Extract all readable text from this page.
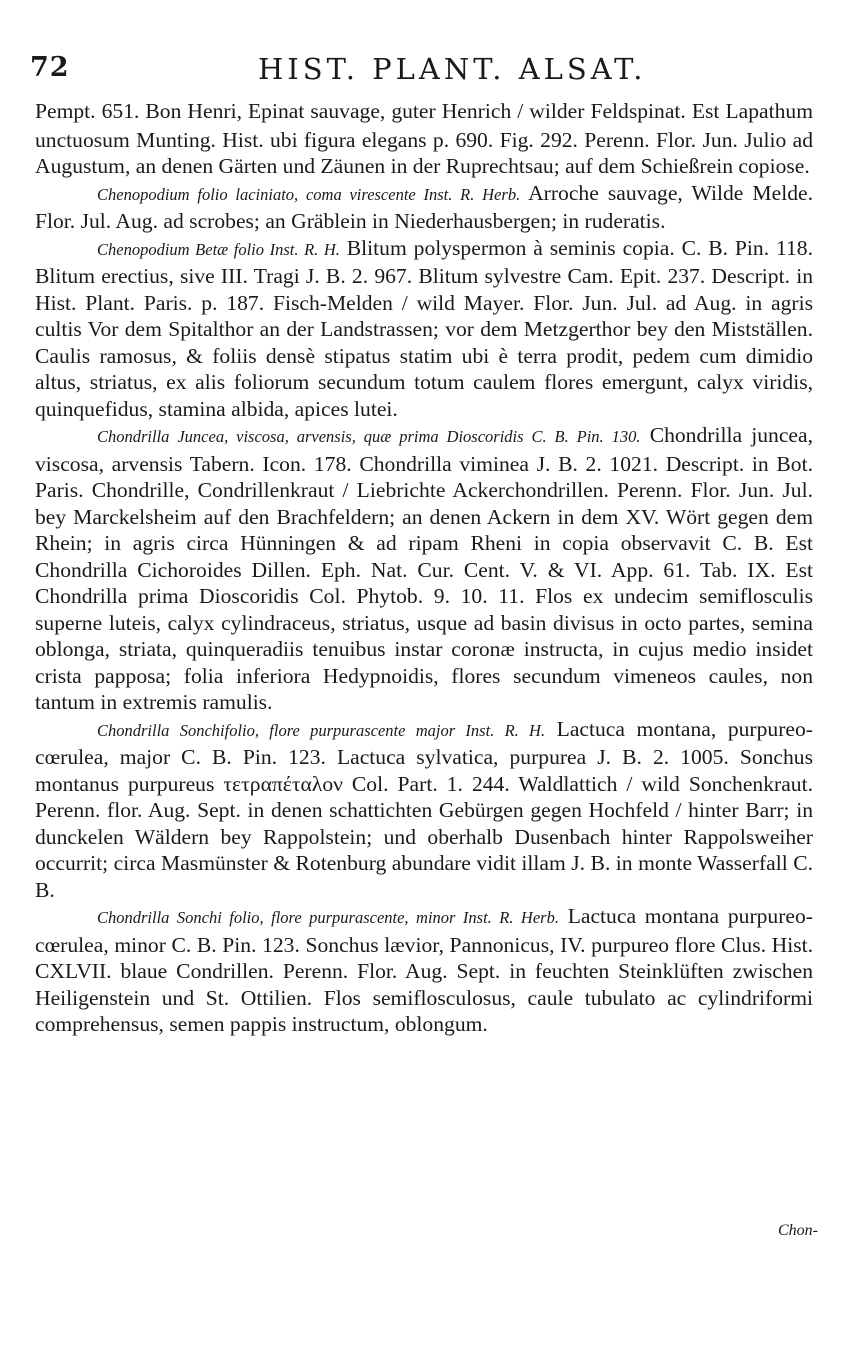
72	HIST. PLANT. ALSAT.

Pempt. 651. Bon Henri, Epinat sauvage, guter Henrich / wilder Feldspinat. Est Lapathum unctuosum Munting. Hist. ubi figura elegans p. 690. Fig. 292. Perenn. Flor. Jun. Julio ad Augustum, an denen Gärten und Zäunen in der Ruprechtsau; auf dem Schießrein copiose.

Chenopodium folio laciniato, coma virescente Inst. R. Herb. Arroche sauvage, Wilde Melde. Flor. Jul. Aug. ad scrobes; an Gräblein in Niederhausbergen; in ruderatis.

Chenopodium Betæ folio Inst. R. H. Blitum polyspermon à seminis copia. C. B. Pin. 118. Blitum erectius, sive III. Tragi J. B. 2. 967. Blitum sylvestre Cam. Epit. 237. Descript. in Hist. Plant. Paris. p. 187. Fisch-Melden / wild Mayer. Flor. Jun. Jul. ad Aug. in agris cultis Vor dem Spitalthor an der Landstrassen; vor dem Metzgerthor bey den Mistställen. Caulis ramosus, & foliis densè stipatus statim ubi è terra prodit, pedem cum dimidio altus, striatus, ex alis foliorum secundum totum caulem flores emergunt, calyx viridis, quinquefidus, stamina albida, apices lutei.

Chondrilla Juncea, viscosa, arvensis, quæ prima Dioscoridis C. B. Pin. 130. Chondrilla juncea, viscosa, arvensis Tabern. Icon. 178. Chondrilla viminea J. B. 2. 1021. Descript. in Bot. Paris. Chondrille, Condrillenkraut / Liebrichte Ackerchondrillen. Perenn. Flor. Jun. Jul. bey Marckelsheim auf den Brachfeldern; an denen Ackern in dem XV. Wört gegen dem Rhein; in agris circa Hünningen & ad ripam Rheni in copia observavit C. B. Est Chondrilla Cichoroides Dillen. Eph. Nat. Cur. Cent. V. & VI. App. 61. Tab. IX. Est Chondrilla prima Dioscoridis Col. Phytob. 9. 10. 11. Flos ex undecim semiflosculis superne luteis, calyx cylindraceus, striatus, usque ad basin divisus in octo partes, semina oblonga, striata, quinqueradiis tenuibus instar coronæ instructa, in cujus medio insidet crista papposa; folia inferiora Hedypnoidis, flores secundum vimeneos caules, non tantum in extremis ramulis.

Chondrilla Sonchifolio, flore purpurascente major Inst. R. H. Lactuca montana, purpureo-cœrulea, major C. B. Pin. 123. Lactuca sylvatica, purpurea J. B. 2. 1005. Sonchus montanus purpureus τετραπέταλον Col. Part. 1. 244. Waldlattich / wild Sonchenkraut. Perenn. flor. Aug. Sept. in denen schattichten Gebürgen gegen Hochfeld / hinter Barr; in dunckelen Wäldern bey Rappolstein; und oberhalb Dusenbach hinter Rappolsweiher occurrit; circa Masmünster & Rotenburg abundare vidit illam J. B. in monte Wasserfall C. B.

Chondrilla Sonchi folio, flore purpurascente, minor Inst. R. Herb. Lactuca montana purpureo-cœrulea, minor C. B. Pin. 123. Sonchus lævior, Pannonicus, IV. purpureo flore Clus. Hist. CXLVII. blaue Condrillen. Perenn. Flor. Aug. Sept. in feuchten Steinklüften zwischen Heiligenstein und St. Ottilien. Flos semiflosculosus, caule tubulato ac cylindriformi comprehensus, semen pappis instructum, oblongum.

Chon-
